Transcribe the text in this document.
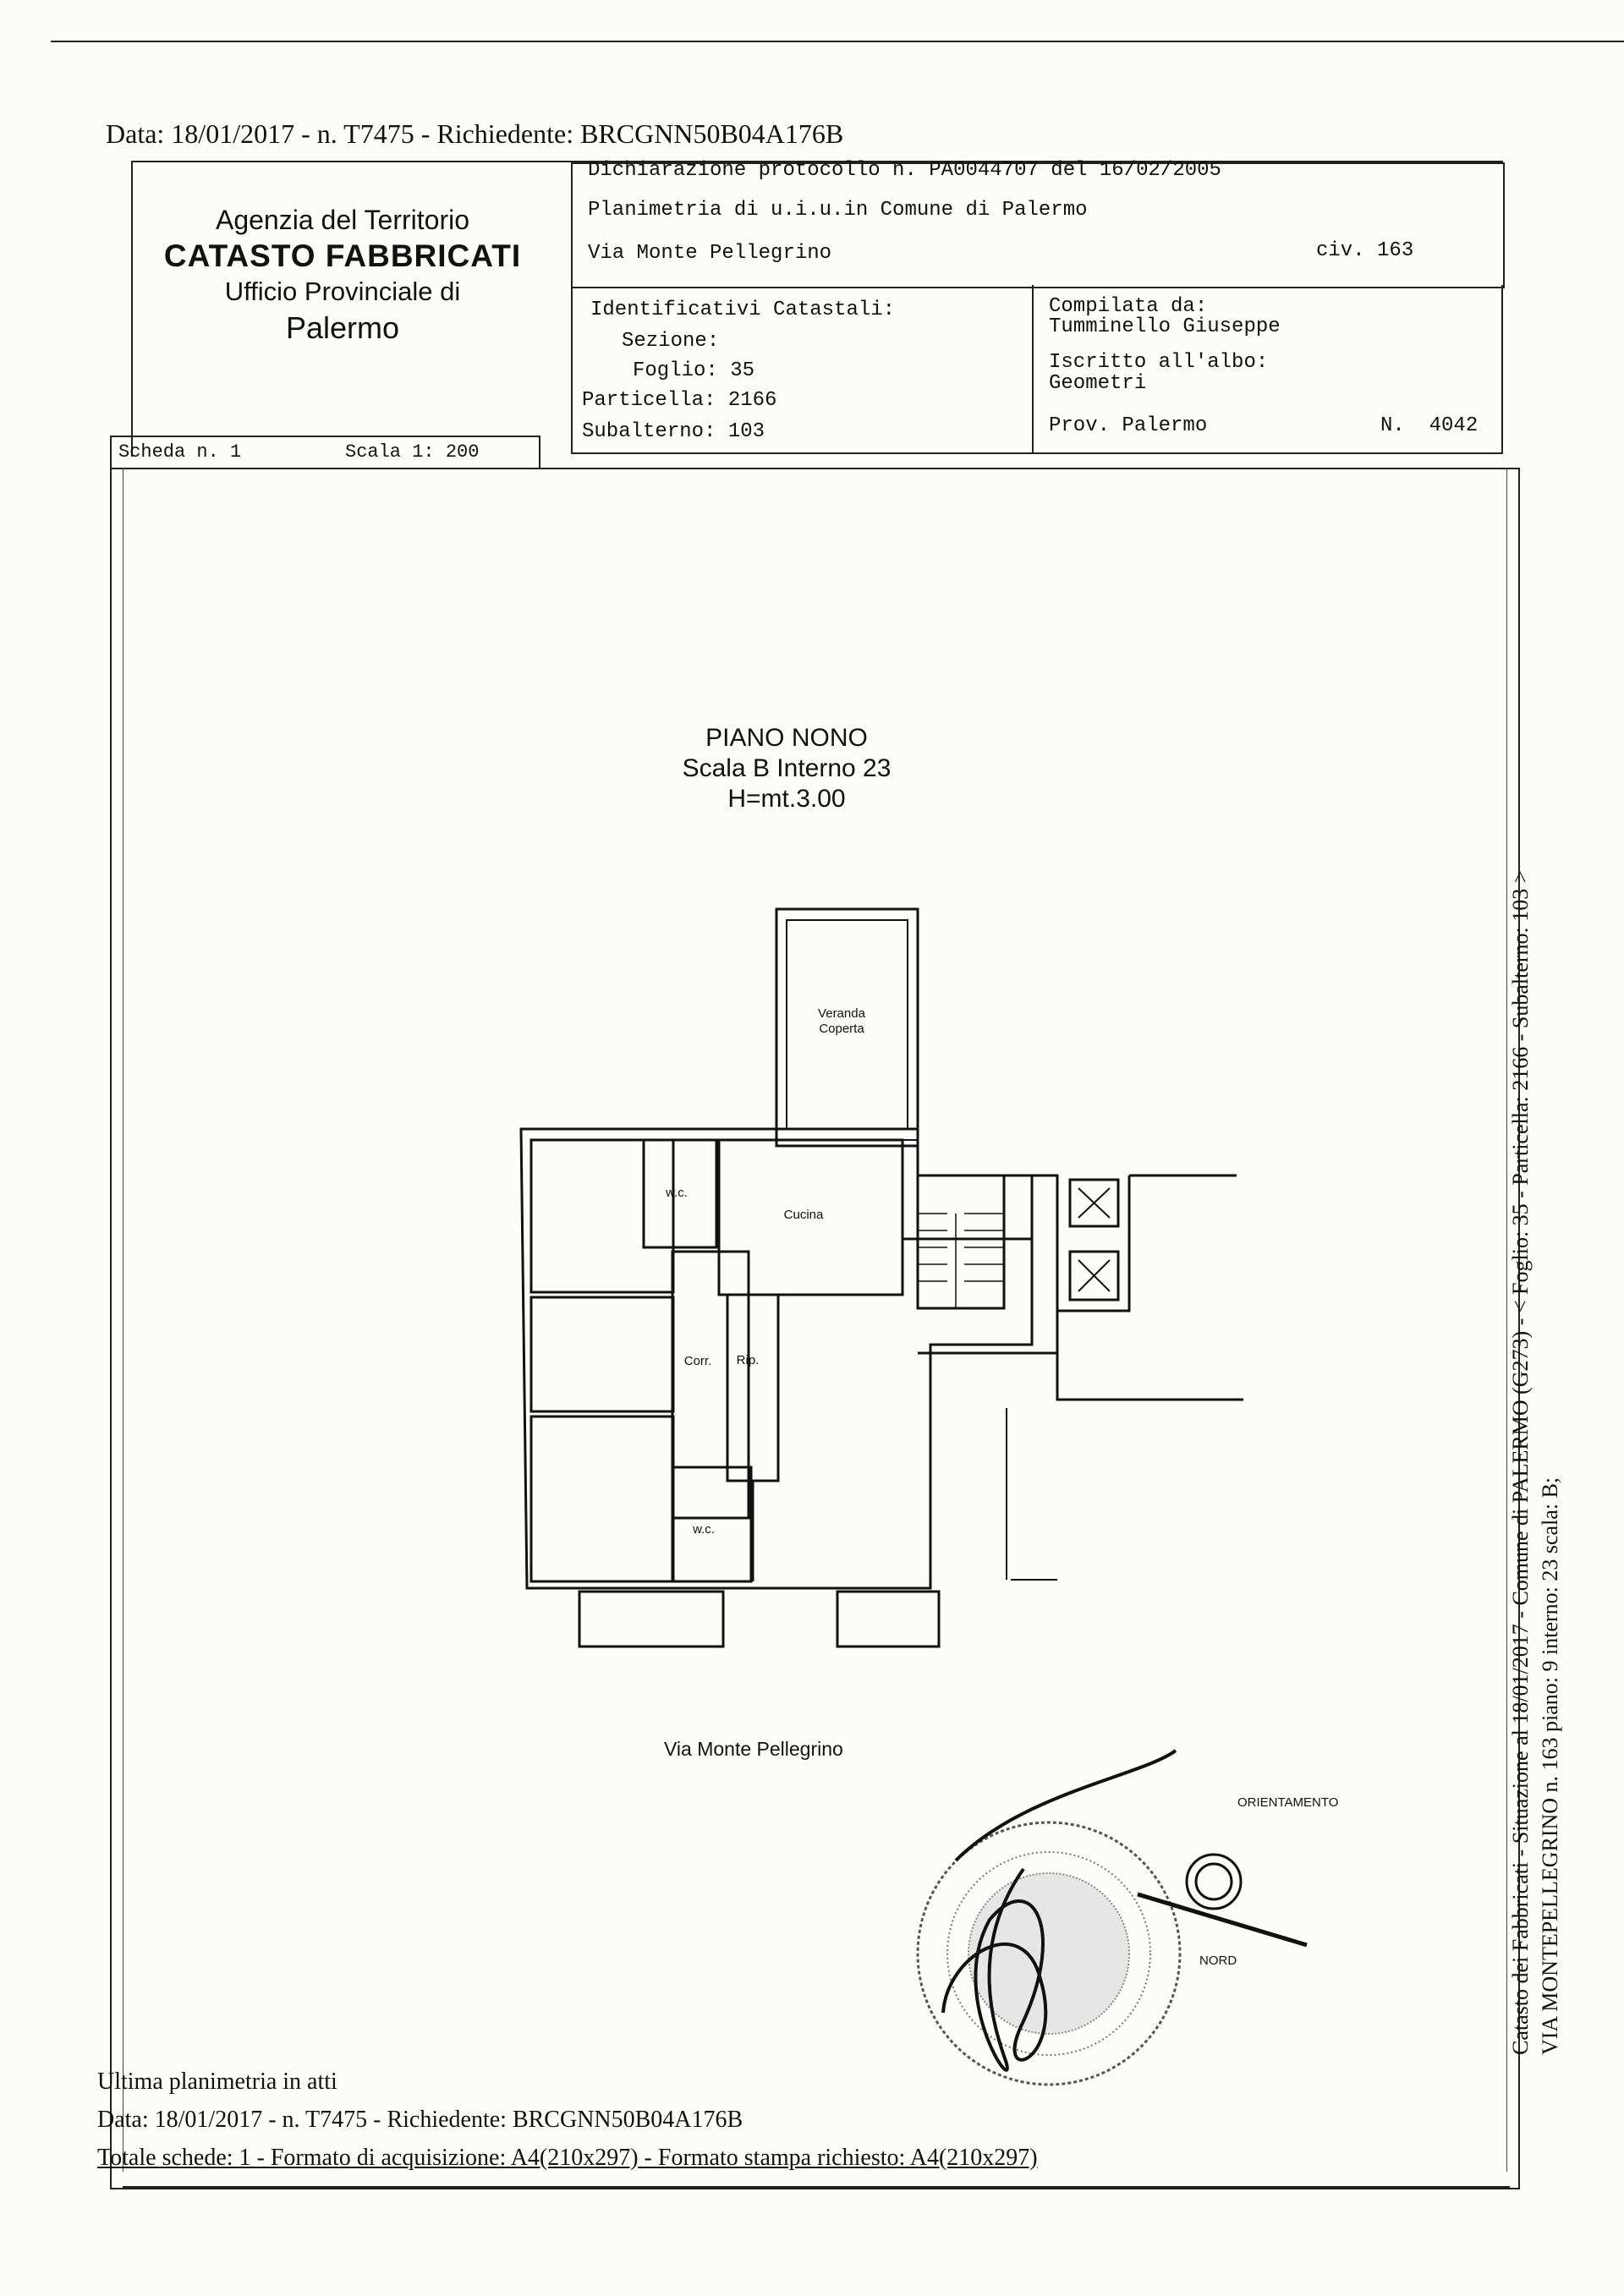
Data: 18/01/2017 - n. T7475 - Richiedente: BRCGNN50B04A176B
Agenzia del Territorio
CATASTO FABBRICATI
Ufficio Provinciale di
Palermo
Dichiarazione protocollo n. PA0044707 del 16/02/2005
Planimetria di u.i.u.in Comune di Palermo
Via Monte Pellegrino	civ. 163
Identificativi Catastali:
Sezione:
Foglio: 35
Particella: 2166
Subalterno: 103
Compilata da:
Tumminello Giuseppe
Iscritto all'albo:
Geometri
Prov. Palermo	N.  4042
Scheda n. 1	Scala 1: 200
PIANO NONO
Scala B Interno 23
H=mt.3.00
Veranda
Coperta
w.c.
Cucina
Corr. Rip.
w.c.
Via Monte Pellegrino
ORIENTAMENTO
NORD
Ultima planimetria in atti
Data: 18/01/2017 - n. T7475 - Richiedente: BRCGNN50B04A176B
Totale schede: 1 - Formato di acquisizione: A4(210x297) - Formato stampa richiesto: A4(210x297)
Catasto dei Fabbricati - Situazione al 18/01/2017 - Comune di PALERMO (G273) - < Foglio: 35 - Particella: 2166 - Subalterno: 103 > VIA MONTEPELLEGRINO n. 163 piano: 9 interno: 23 scala: B;
